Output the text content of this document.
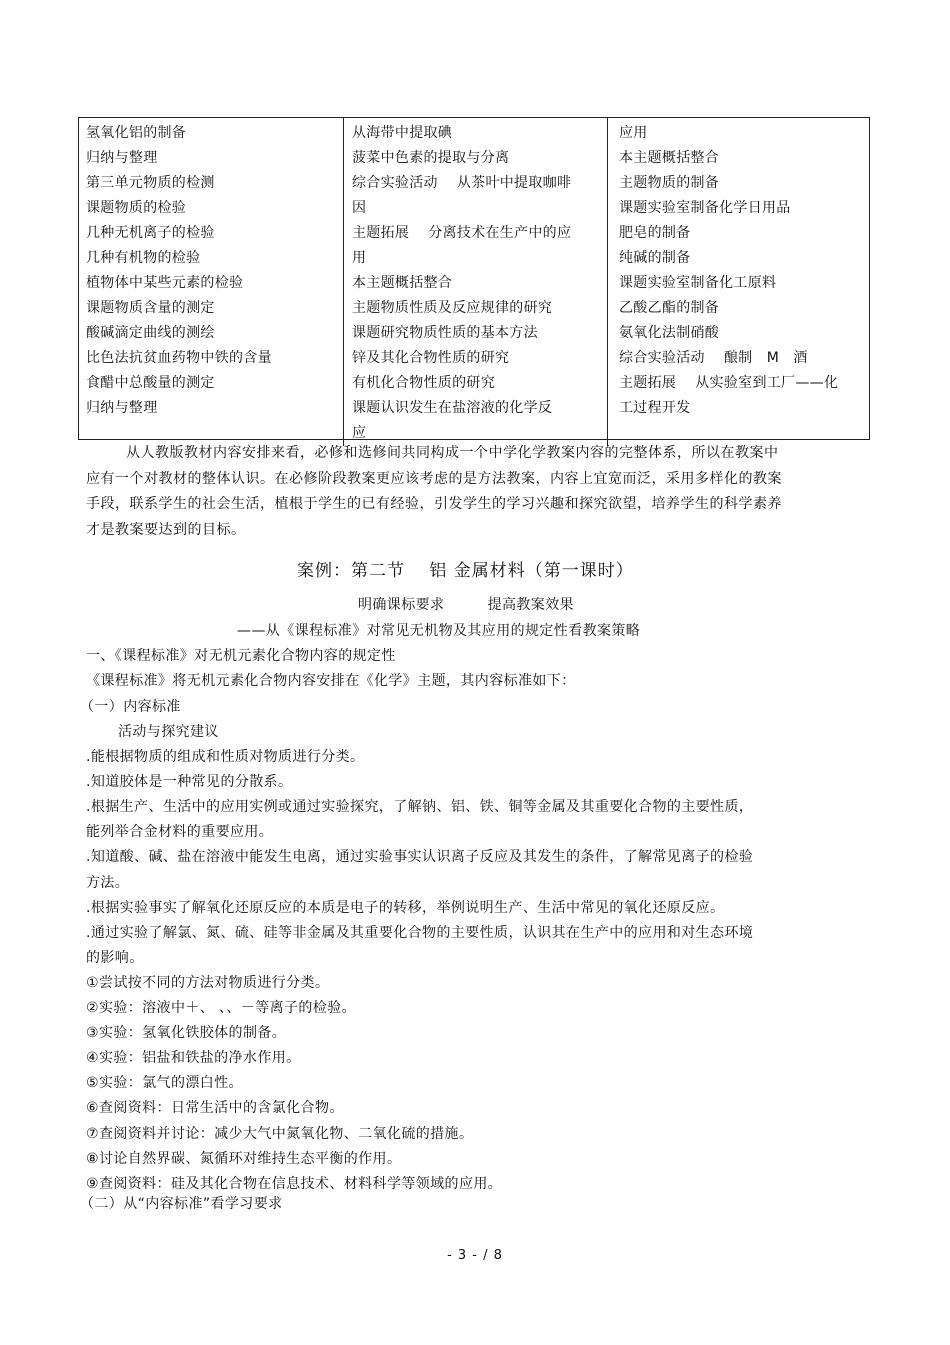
氢氧化铝的制备
归纳与整理
第三单元物质的检测
课题物质的检验
几种无机离子的检验
几种有机物的检验
植物体中某些元素的检验
课题物质含量的测定
酸碱滴定曲线的测绘
比色法抗贫血药物中铁的含量
食醋中总酸量的测定
归纳与整理
从海带中提取碘
菠菜中色素的提取与分离
综合实验活动　 从茶叶中提取咖啡
因
主题拓展　 分离技术在生产中的应
用
本主题概括整合
主题物质性质及反应规律的研究
课题研究物质性质的基本方法
锌及其化合物性质的研究
有机化合物性质的研究
课题认识发生在盐溶液的化学反
应
应用
本主题概括整合
主题物质的制备
课题实验室制备化学日用品
肥皂的制备
纯碱的制备
课题实验室制备化工原料
乙酸乙酯的制备
氨氧化法制硝酸
综合实验活动　 酿制　M　酒
主题拓展　 从实验室到工厂——化
工过程开发
从人教版教材内容安排来看，必修和选修间共同构成一个中学化学教案内容的完整体系，所以在教案中应有一个对教材的整体认识。在必修阶段教案更应该考虑的是方法教案，内容上宜宽而泛，采用多样化的教案手段，联系学生的社会生活，植根于学生的已有经验，引发学生的学习兴趣和探究欲望，培养学生的科学素养才是教案要达到的目标。
案例：第二节　 铝 金属材料（第一课时）
明确课标要求　　　提高教案效果
——从《课程标准》对常见无机物及其应用的规定性看教案策略
一、《课程标准》对无机元素化合物内容的规定性
《课程标准》将无机元素化合物内容安排在《化学》主题，其内容标准如下：
（一）内容标准
活动与探究建议
.能根据物质的组成和性质对物质进行分类。
.知道胶体是一种常见的分散系。
.根据生产、生活中的应用实例或通过实验探究，了解钠、铝、铁、铜等金属及其重要化合物的主要性质，
能列举合金材料的重要应用。
.知道酸、碱、盐在溶液中能发生电离，通过实验事实认识离子反应及其发生的条件，了解常见离子的检验
方法。
.根据实验事实了解氧化还原反应的本质是电子的转移，举例说明生产、生活中常见的氧化还原反应。
.通过实验了解氯、氮、硫、硅等非金属及其重要化合物的主要性质，认识其在生产中的应用和对生态环境
的影响。
①尝试按不同的方法对物质进行分类。
②实验：溶液中＋、 、、－等离子的检验。
③实验：氢氧化铁胶体的制备。
④实验：铝盐和铁盐的净水作用。
⑤实验：氯气的漂白性。
⑥查阅资料：日常生活中的含氯化合物。
⑦查阅资料并讨论：减少大气中氮氧化物、二氧化硫的措施。
⑧讨论自然界碳、氮循环对维持生态平衡的作用。
⑨查阅资料：硅及其化合物在信息技术、材料科学等领域的应用。
（二）从“内容标准”看学习要求
- 3 - / 8
